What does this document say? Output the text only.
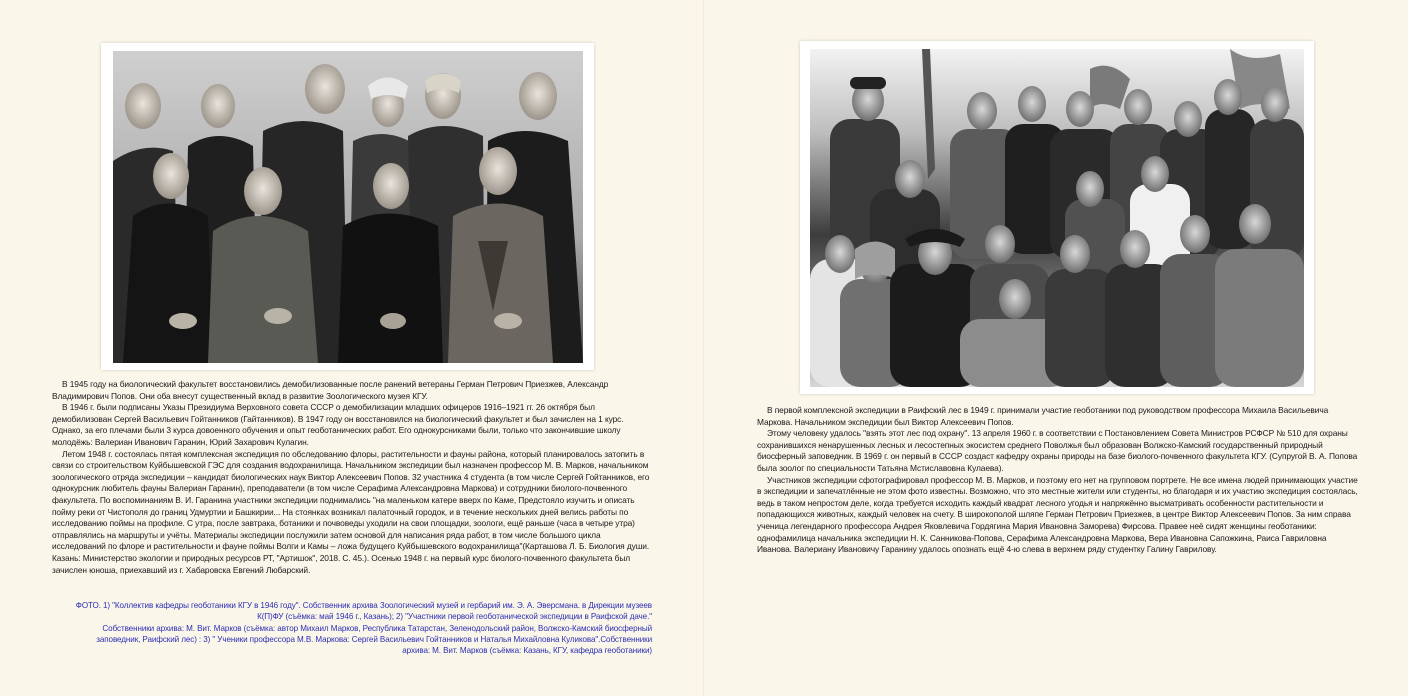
В 1945 году на биологический факультет восстановились демобилизованные после ранений ветераны Герман Петрович Приезжев, Александр Владимирович Попов. Они оба внесут существенный вклад в развитие Зоологического музея КГУ.

В 1946 г. были подписаны Указы Президиума Верховного совета СССР о демобилизации младших офицеров 1916–1921 гг. 26 октября был демобилизован Сергей Васильевич Гойтанников (Гайтанников). В 1947 году он восстановился на биологический факультет и был зачислен на 1 курс. Однако, за его плечами были 3 курса довоенного обучения и опыт геоботанических работ. Его однокурсниками были, только что закончившие школу молодёжь: Валериан Иванович Гаранин, Юрий Захарович Кулагин.

Летом 1948 г. состоялась пятая комплексная экспедиция по обследованию флоры, растительности и фауны района, который планировалось затопить в связи со строительством Куйбышевской ГЭС для создания водохранилища. Начальником экспедиции был назначен профессор М. В. Марков, начальником зоологического отряда экспедиции – кандидат биологических наук Виктор Алексеевич Попов. 32 участника 4 студента (в том числе Сергей Гойтанников, его однокурсник любитель фауны Валериан Гаранин), преподаватели (в том числе Серафима Александровна Маркова) и сотрудники биолого-почвенного факультета. По воспоминаниям В. И. Гаранина участники экспедиции поднимались "на маленьком катере вверх по Каме, Предстояло изучить и описать пойму реки от Чистополя до границ Удмуртии и Башкирии... На стоянках возникал палаточный городок, и в течение нескольких дней велись работы по исследованию поймы на профиле. С утра, после завтрака, ботаники и почвоведы уходили на свои площадки, зоологи, ещё раньше (часа в четыре утра) отправлялись на маршруты и учёты. Материалы экспедиции послужили затем основой для написания ряда работ, в том числе большого цикла исследований по флоре и растительности и фауне поймы Волги и Камы – ложа будущего Куйбышевского водохранилища"(Карташова Л. Б. Биология души. Казань: Министерство экологии и природных ресурсов РТ, "Артишок", 2018. С. 45.). Осенью 1948 г. на первый курс биолого-почвенного факультета был зачислен юноша, приехавший из г. Хабаровска Евгений Любарский.

ФОТО. 1) "Коллектив кафедры геоботаники КГУ в 1946 году". Собственник архива Зоологический музей и гербарий им. Э. А. Эверсмана. в Дирекции музеев

К(П)ФУ (съёмка: май 1946 г., Казань); 2) "Участники первой геоботанической экспедиции в Раифской даче."

Собственники архива: М. Вит. Марков (съёмка: автор Михаил Марков, Республика Татарстан, Зеленодольский район, Волжско-Камский биосферный

заповедник, Раифский лес) : 3) " Ученики профессора М.В. Маркова: Сергей Васильевич Гойтанников и Наталья Михайловна Куликова".Собственники

архива: М. Вит. Марков (съёмка: Казань, КГУ, кафедра геоботаники)

В первой комплексной экспедиции в Раифский лес в 1949 г. принимали участие геоботаники под руководством профессора Михаила Васильевича Маркова. Начальником экспедиции был Виктор Алексеевич Попов.

Этому человеку удалось "взять этот лес под охрану". 13 апреля 1960 г. в соответствии с Постановлением Совета Министров РСФСР № 510 для охраны сохранившихся ненарушенных лесных и лесостепных экосистем среднего Поволжья был образован Волжско-Камский государственный природный биосферный заповедник. В 1969 г. он первый в СССР создаст кафедру охраны природы на базе биолого-почвенного факультета КГУ. (Супругой В. А. Попова была зоолог по специальности Татьяна Мстиславовна Кулаева).

Участников экспедиции сфотографировал профессор М. В. Марков, и поэтому его нет на групповом портрете. Не все имена людей принимающих участие в экспедиции и запечатлённые не этом фото известны. Возможно, что это местные жители или студенты, но благодаря и их участию экспедиция состоялась, ведь в таком непростом деле, когда требуется исходить каждый квадрат лесного угодья и напряжённо высматривать особенности растительности и попадающихся животных, каждый человек на счету. В широкополой шляпе Герман Петрович Приезжев, в центре Виктор Алексеевич Попов. За ним справа ученица легендарного профессора Андрея Яковлевича Гордягина Мария Ивановна Заморева) Фирсова. Правее неё сидят женщины геоботаники: однофамилица начальника экспедиции Н. К. Санникова-Попова, Серафима Александровна Маркова, Вера Ивановна Сапожкина, Раиса Гавриловна Иванова. Валериану Ивановичу Гаранину удалось опознать ещё 4-ю слева в верхнем ряду студентку Галину Гаврилову.
